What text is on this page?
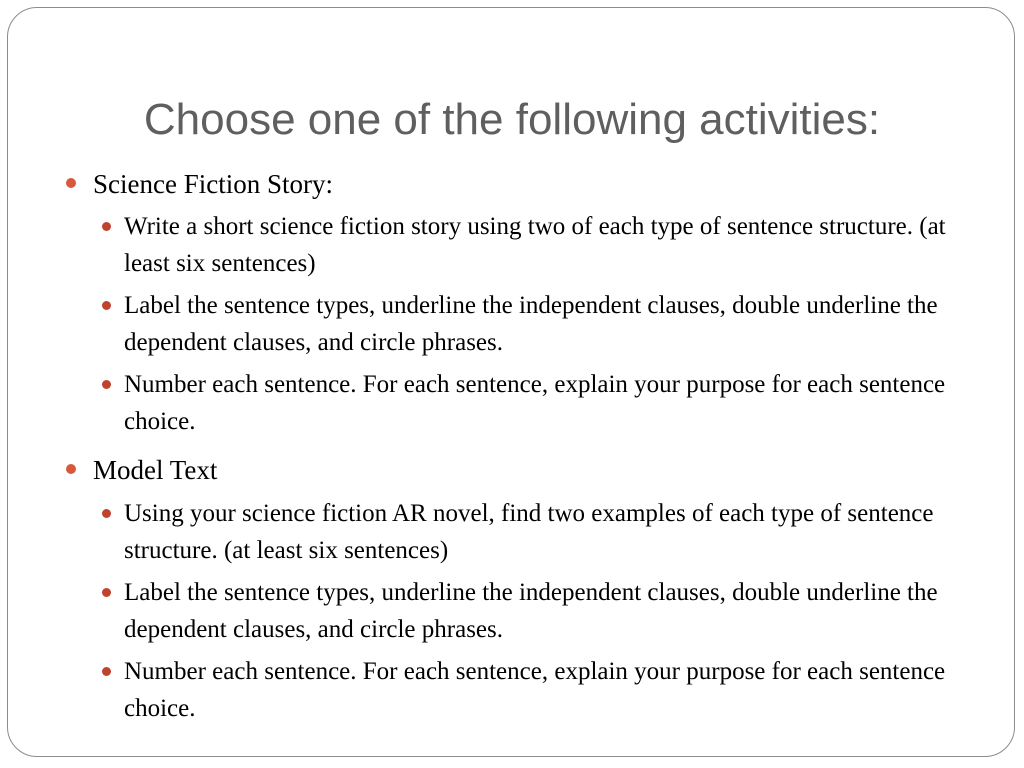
Choose one of the following activities:
Science Fiction Story:
Write a short science fiction story using two of each type of sentence structure. (at least six sentences)
Label the sentence types, underline the independent clauses, double underline the dependent clauses, and circle phrases.
Number each sentence. For each sentence, explain your purpose for each sentence choice.
Model Text
Using your science fiction AR novel, find two examples of each type of sentence structure. (at least six sentences)
Label the sentence types, underline the independent clauses, double underline the dependent clauses, and circle phrases.
Number each sentence. For each sentence, explain your purpose for each sentence choice.
